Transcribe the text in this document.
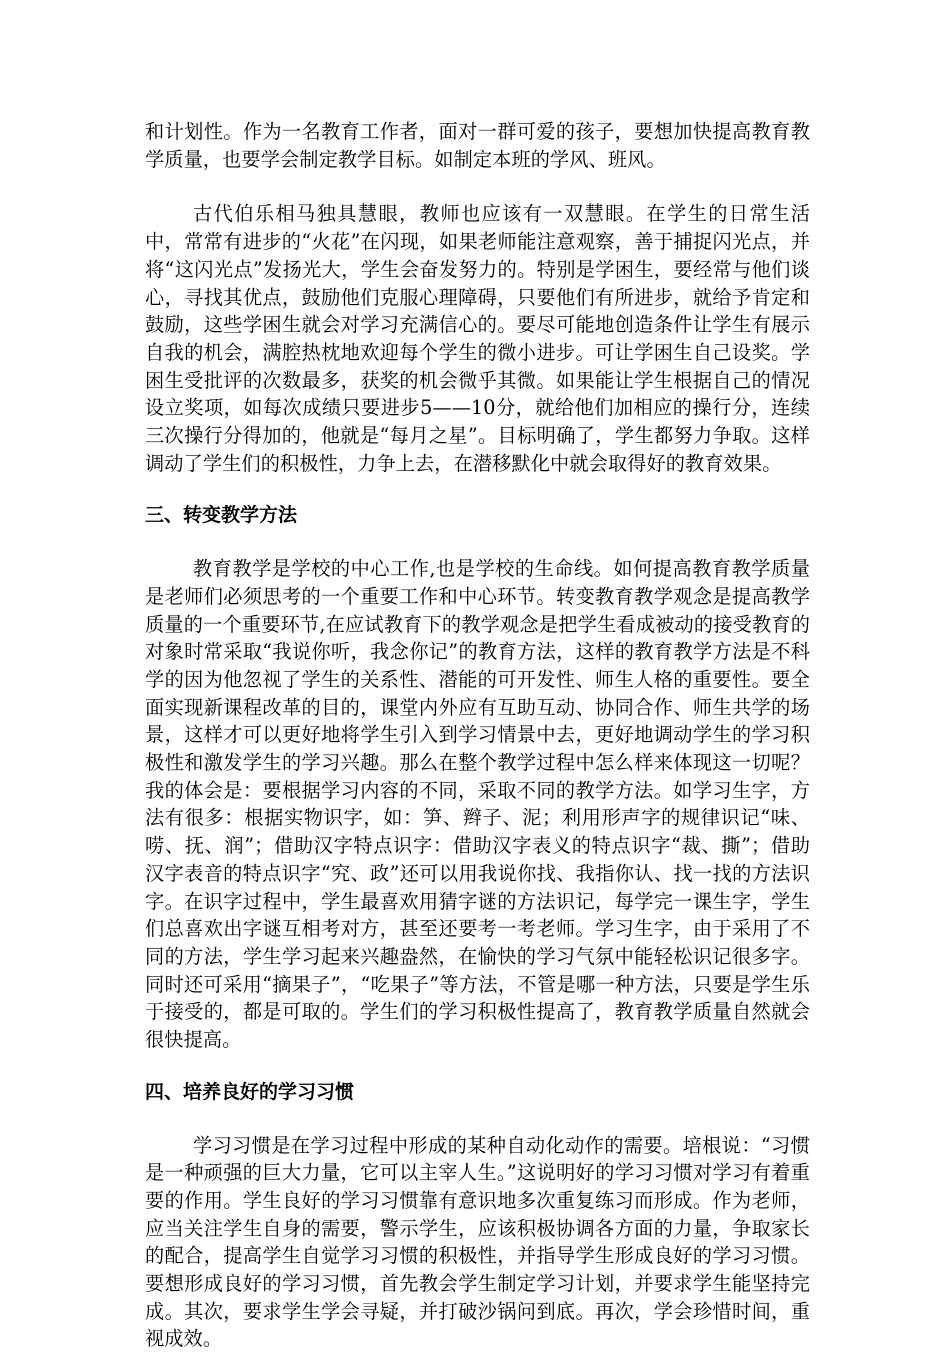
和计划性。作为一名教育工作者，面对一群可爱的孩子，要想加快提高教育教学质量，也要学会制定教学目标。如制定本班的学风、班风。

古代伯乐相马独具慧眼，教师也应该有一双慧眼。在学生的日常生活中，常常有进步的“火花”在闪现，如果老师能注意观察，善于捕捉闪光点，并将“这闪光点”发扬光大，学生会奋发努力的。特别是学困生，要经常与他们谈心，寻找其优点，鼓励他们克服心理障碍，只要他们有所进步，就给予肯定和鼓励，这些学困生就会对学习充满信心的。要尽可能地创造条件让学生有展示自我的机会，满腔热枕地欢迎每个学生的微小进步。可让学困生自己设奖。学困生受批评的次数最多，获奖的机会微乎其微。如果能让学生根据自己的情况设立奖项，如每次成绩只要进步5——10分，就给他们加相应的操行分，连续三次操行分得加的，他就是“每月之星”。目标明确了，学生都努力争取。这样调动了学生们的积极性，力争上去，在潜移默化中就会取得好的教育效果。

三、转变教学方法

教育教学是学校的中心工作,也是学校的生命线。如何提高教育教学质量是老师们必须思考的一个重要工作和中心环节。转变教育教学观念是提高教学质量的一个重要环节,在应试教育下的教学观念是把学生看成被动的接受教育的对象时常采取“我说你听，我念你记”的教育方法，这样的教育教学方法是不科学的因为他忽视了学生的关系性、潜能的可开发性、师生人格的重要性。要全面实现新课程改革的目的，课堂内外应有互助互动、协同合作、师生共学的场景，这样才可以更好地将学生引入到学习情景中去，更好地调动学生的学习积极性和激发学生的学习兴趣。那么在整个教学过程中怎么样来体现这一切呢？我的体会是：要根据学习内容的不同，采取不同的教学方法。如学习生字，方法有很多：根据实物识字，如：笋、辫子、泥；利用形声字的规律识记“味、唠、抚、润”；借助汉字特点识字：借助汉字表义的特点识字“裁、撕”；借助汉字表音的特点识字“究、政”还可以用我说你找、我指你认、找一找的方法识字。在识字过程中，学生最喜欢用猜字谜的方法识记，每学完一课生字，学生们总喜欢出字谜互相考对方，甚至还要考一考老师。学习生字，由于采用了不同的方法，学生学习起来兴趣盎然，在愉快的学习气氛中能轻松识记很多字。同时还可采用“摘果子”，“吃果子”等方法，不管是哪一种方法，只要是学生乐于接受的，都是可取的。学生们的学习积极性提高了，教育教学质量自然就会很快提高。

四、培养良好的学习习惯

学习习惯是在学习过程中形成的某种自动化动作的需要。培根说：“习惯是一种顽强的巨大力量，它可以主宰人生。”这说明好的学习习惯对学习有着重要的作用。学生良好的学习习惯靠有意识地多次重复练习而形成。作为老师，应当关注学生自身的需要，警示学生，应该积极协调各方面的力量，争取家长的配合，提高学生自觉学习习惯的积极性，并指导学生形成良好的学习习惯。要想形成良好的学习习惯，首先教会学生制定学习计划，并要求学生能坚持完成。其次，要求学生学会寻疑，并打破沙锅问到底。再次，学会珍惜时间，重视成效。
